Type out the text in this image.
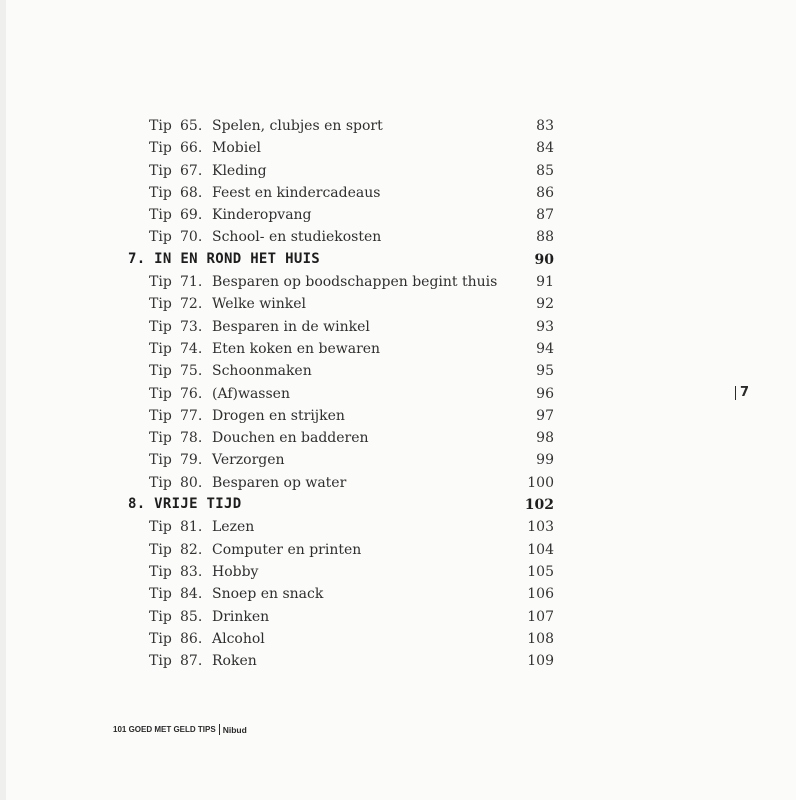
Tip 65. Spelen, clubjes en sport	83
Tip 66. Mobiel	84
Tip 67. Kleding	85
Tip 68. Feest en kindercadeaus	86
Tip 69. Kinderopvang	87
Tip 70. School- en studiekosten	88
7. IN EN ROND HET HUIS	90
Tip 71. Besparen op boodschappen begint thuis	91
Tip 72. Welke winkel	92
Tip 73. Besparen in de winkel	93
Tip 74. Eten koken en bewaren	94
Tip 75. Schoonmaken	95
Tip 76. (Af)wassen	96
Tip 77. Drogen en strijken	97
Tip 78. Douchen en badderen	98
Tip 79. Verzorgen	99
Tip 80. Besparen op water	100
8. VRIJE TIJD	102
Tip 81. Lezen	103
Tip 82. Computer en printen	104
Tip 83. Hobby	105
Tip 84. Snoep en snack	106
Tip 85. Drinken	107
Tip 86. Alcohol	108
Tip 87. Roken	109
7
101 GOED MET GELD TIPS Nibud
